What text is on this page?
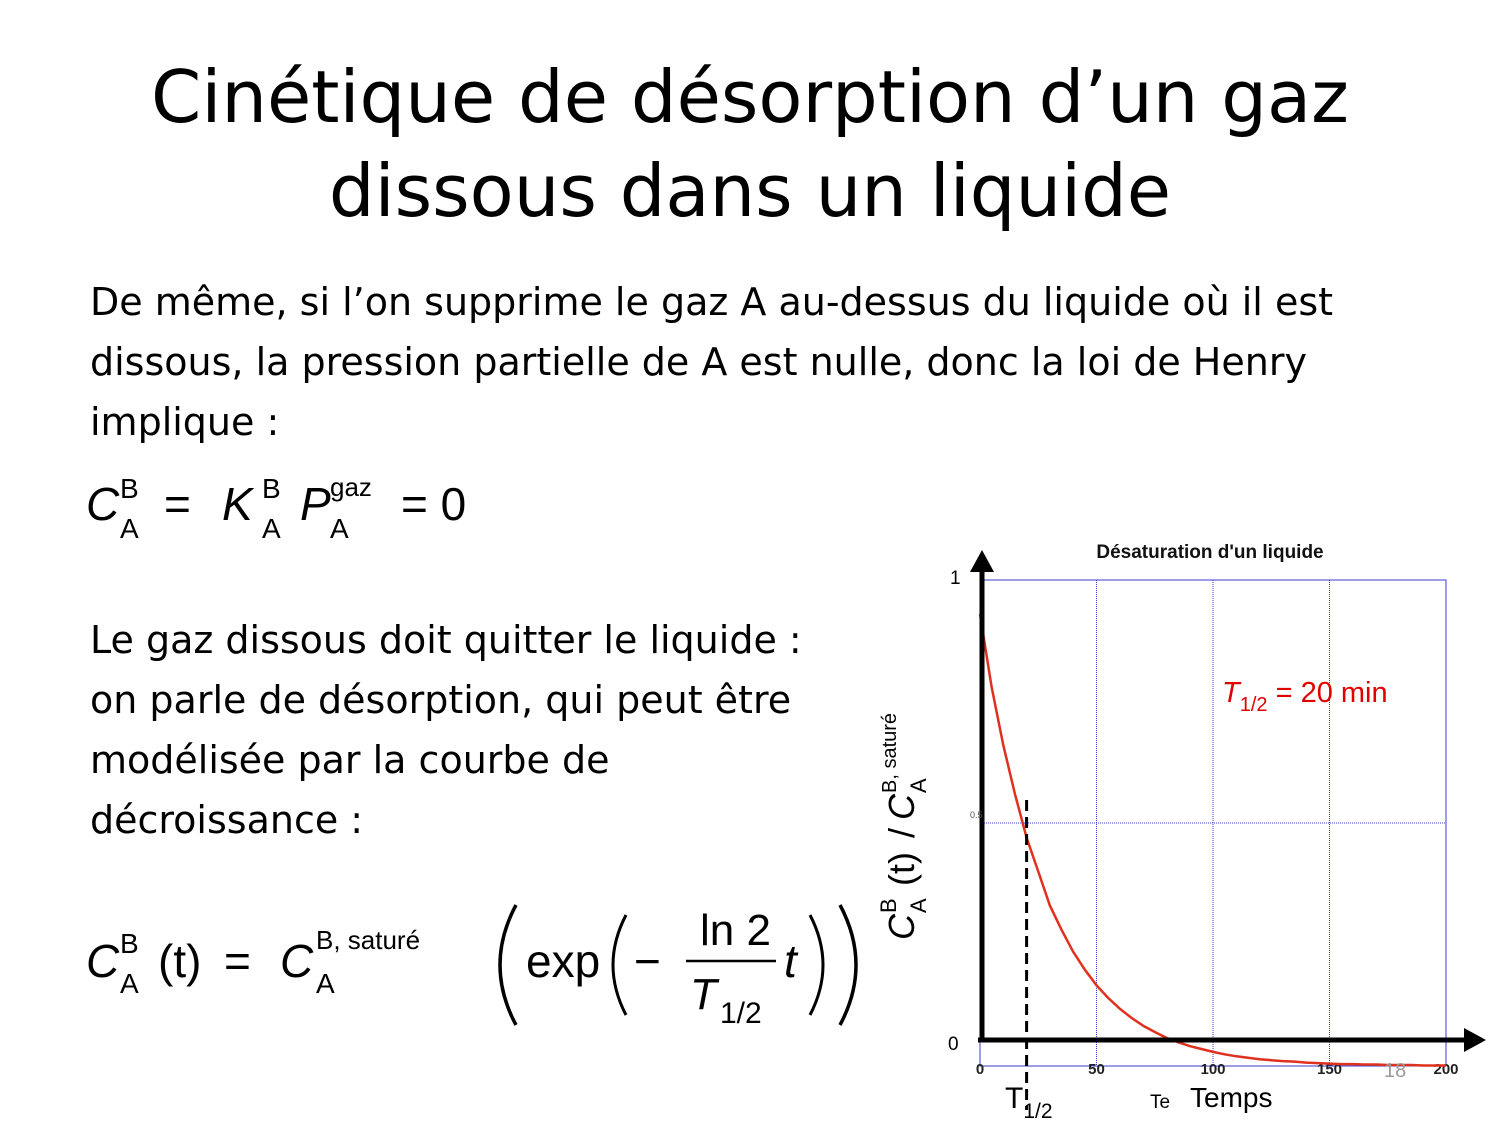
Cinétique de désorption d’un gaz
dissous dans un liquide
De même, si l’on supprime le gaz A au-dessus du liquide où il est dissous, la pression partielle de A est nulle, donc la loi de Henry implique :
C B
A = K B
A P gaz
A = 0
Le gaz dissous doit quitter le liquide : on parle de désorption, qui peut être modélisée par la courbe de décroissance :
C B
A (t) = C B, saturé
A	exp −
ln 2
T 1/2
t
C
B A
(t)
/
C
B, saturé A
Désaturation d'un liquide
0	50	100	150	200
1
0
0.5
$T_{1/2}$
$T_{1/2} = 20$ min
Te Temps
18
